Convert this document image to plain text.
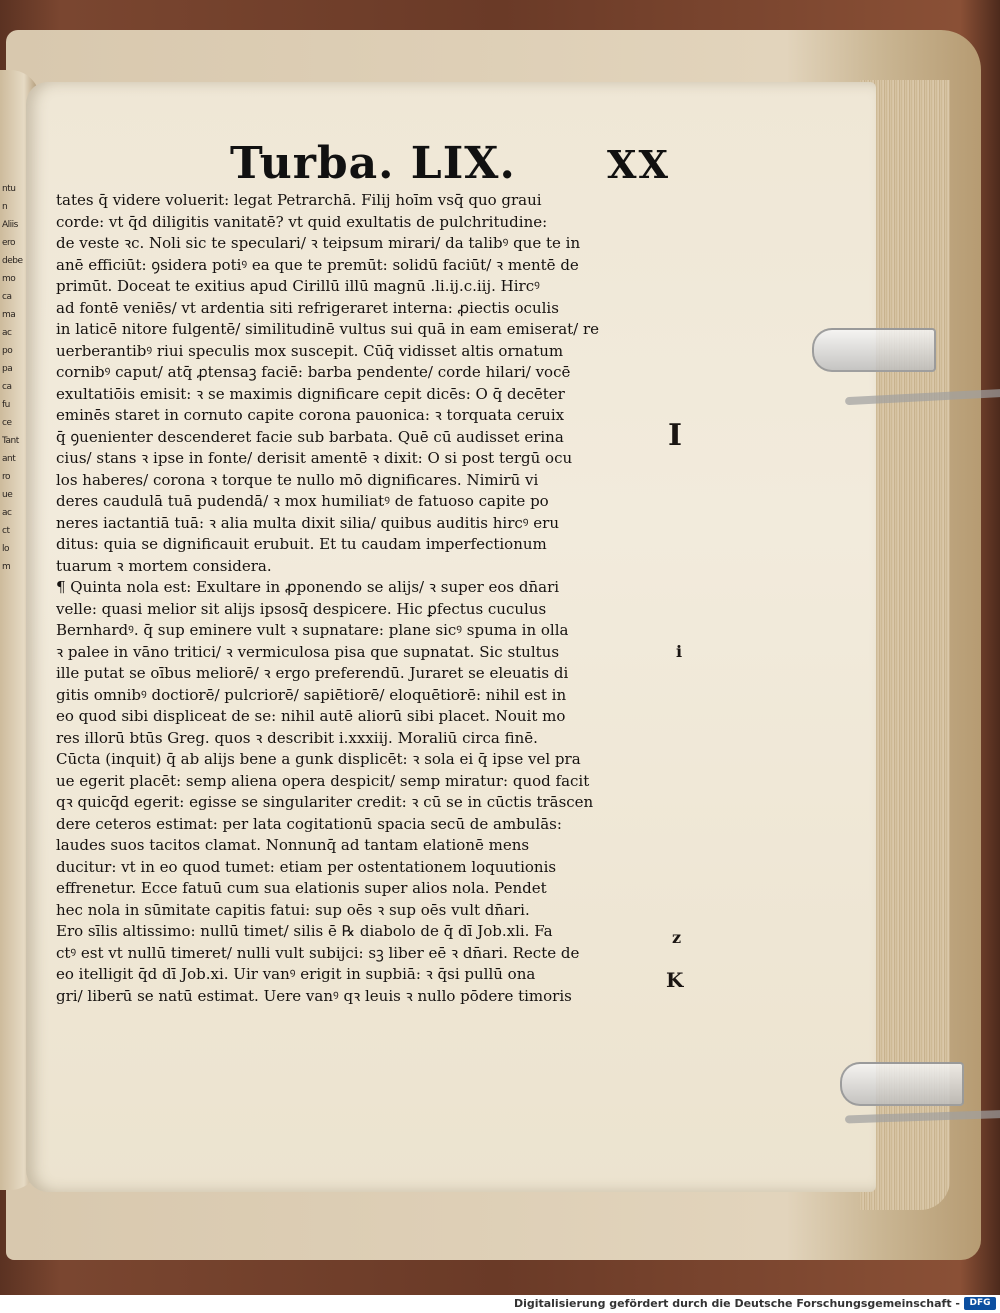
ntu
n
Aliis
ero
debe
mo
ca
ma
ac
po
pa
ca
fu
ce
Tant
ant
ro
ue
ac
ct
lo
m
Turba. LIX. XX
tates q̄ videre voluerit: legat Petrarchā. Filij hoīm vsq̄ quo graui
corde: vt q̄d diligitis vanitatē? vt quid exultatis de pulchritudine:
de veste ꝛc. Noli sic te speculari/ ꝛ teipsum mirari/ da talibꝰ que te in
anē efficiūt: ꝯsidera potiꝰ ea que te premūt: solidū faciūt/ ꝛ mentē de
primūt. Doceat te exitius apud Cirillū illū magnū .li.ij.c.iij. Hircꝰ
ad fontē veniēs/ vt ardentia siti refrigeraret interna: ꝓiectis oculis
in laticē nitore fulgentē/ similitudinē vultus sui quā in eam emiserat/ re
uerberantibꝰ riui speculis mox suscepit. Cūq̄ vidisset altis ornatum
cornibꝰ caput/ atq̄ ꝓtensaꝫ faciē: barba pendente/ corde hilari/ vocē
exultatiōis emisit: ꝛ se maximis dignificare cepit dicēs: O q̄ decēter
eminēs staret in cornuto capite corona pauonica: ꝛ torquata ceruix
q̄ ꝯuenienter descenderet facie sub barbata. Quē cū audisset erina
cius/ stans ꝛ ipse in fonte/ derisit amentē ꝛ dixit: O si post tergū ocu
los haberes/ corona ꝛ torque te nullo mō dignificares. Nimirū vi
deres caudulā tuā pudendā/ ꝛ mox humiliatꝰ de fatuoso capite po
neres iactantiā tuā: ꝛ alia multa dixit silia/ quibus auditis hircꝰ eru
ditus: quia se dignificauit erubuit. Et tu caudam imperfectionum
tuarum ꝛ mortem considera.
¶ Quinta nola est: Exultare in ꝓponendo se alijs/ ꝛ super eos dn̄ari
velle: quasi melior sit alijs ipsosq̄ despicere. Hic ꝑfectus cuculus
Bernhardꝰ. q̄ sup eminere vult ꝛ supnatare: plane sicꝰ spuma in olla
ꝛ palee in vāno tritici/ ꝛ vermiculosa pisa que supnatat. Sic stultus
ille putat se oībus meliorē/ ꝛ ergo preferendū. Juraret se eleuatis di
gitis omnibꝰ doctiorē/ pulcriorē/ sapiētiorē/ eloquētiorē: nihil est in
eo quod sibi displiceat de se: nihil autē aliorū sibi placet. Nouit mo
res illorū btūs Greg. quos ꝛ describit i.xxxiij. Moraliū circa finē.
Cūcta (inquit) q̄ ab alijs bene a gunk displicēt: ꝛ sola ei q̄ ipse vel pra
ue egerit placēt: semp aliena opera despicit/ semp miratur: quod facit
qꝛ quicq̄d egerit: egisse se singulariter credit: ꝛ cū se in cūctis trāscen
dere ceteros estimat: per lata cogitationū spacia secū de ambulās:
laudes suos tacitos clamat. Nonnunq̄ ad tantam elationē mens
ducitur: vt in eo quod tumet: etiam per ostentationem loquutionis
effrenetur. Ecce fatuū cum sua elationis super alios nola. Pendet
hec nola in sūmitate capitis fatui: sup oēs ꝛ sup oēs vult dn̄ari.
Ero sīlis altissimo: nullū timet/ silis ē ℞ diabolo de q̄ dī Job.xli. Fa
ctꝰ est vt nullū timeret/ nulli vult subijci: sꝫ liber eē ꝛ dn̄ari. Recte de
eo itelligit q̄d dī Job.xi. Uir vanꝰ erigit in supbiā: ꝛ q̄si pullū ona
gri/ liberū se natū estimat. Uere vanꝰ qꝛ leuis ꝛ nullo pōdere timoris
I
i
z
K
Digitalisierung gefördert durch die Deutsche Forschungsgemeinschaft -	DFG
